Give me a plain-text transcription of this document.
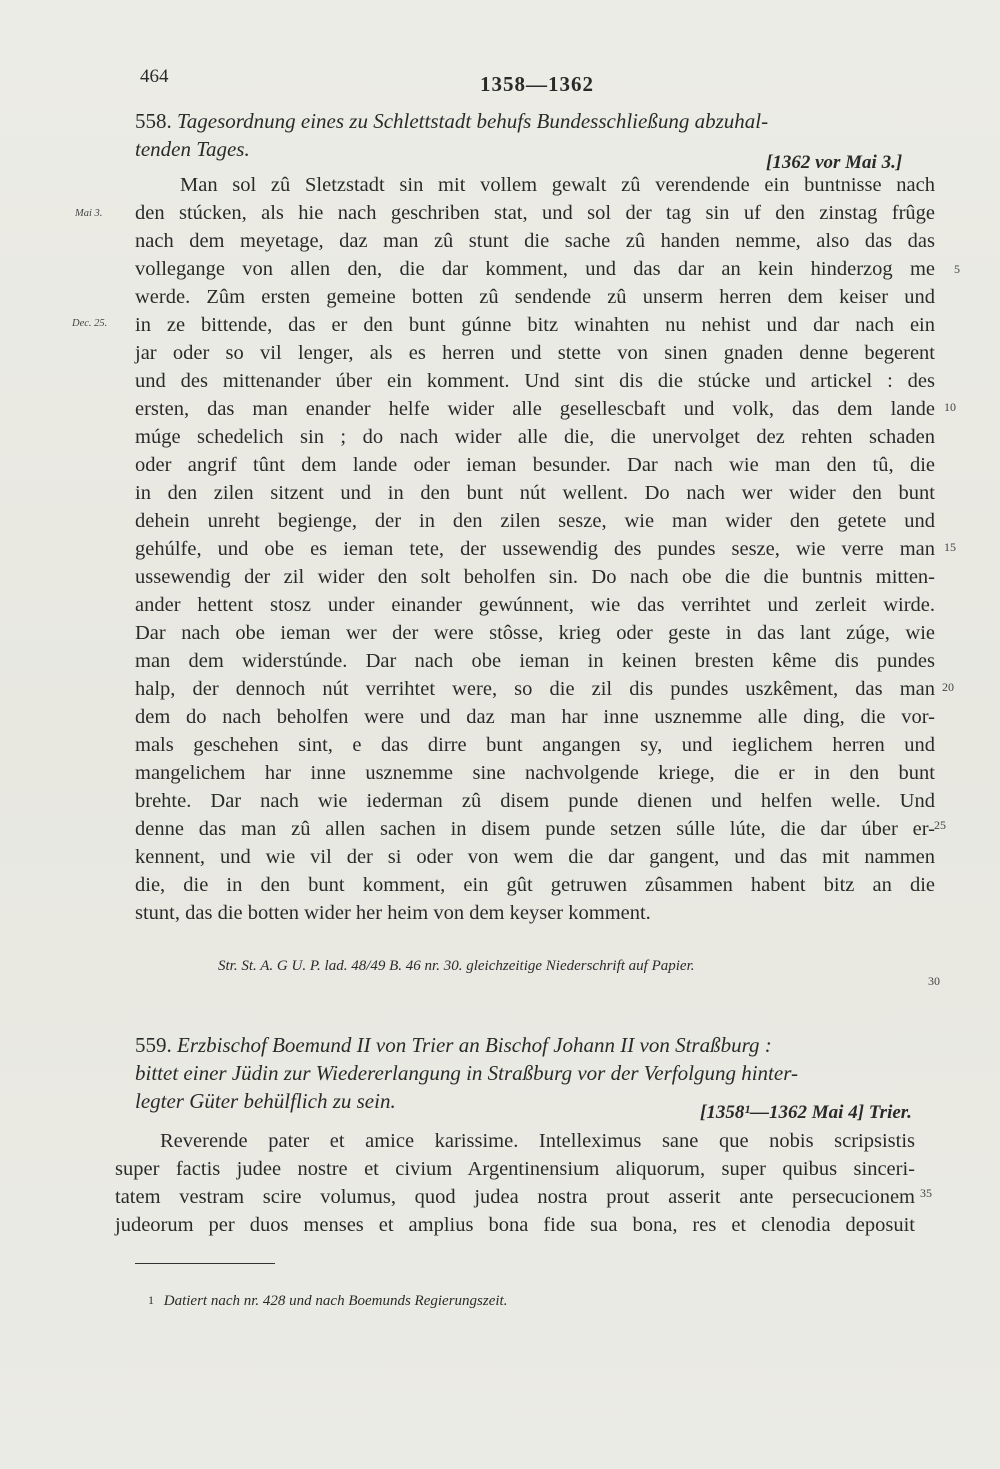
464	1358—1362
558. Tagesordnung eines zu Schlettstadt behufs Bundesschließung abzuhal-
tenden Tages.
[1362 vor Mai 3.]
Man sol zû Sletzstadt sin mit vollem gewalt zû verendende ein buntnisse nach
den stúcken, als hie nach geschriben stat, und sol der tag sin uf den zinstag frûge
nach dem meyetage, daz man zû stunt die sache zû handen nemme, also das das
vollegange von allen den, die dar komment, und das dar an kein hinderzog me
werde. Zûm ersten gemeine botten zû sendende zû unserm herren dem keiser und
in ze bittende, das er den bunt gúnne bitz winahten nu nehist und dar nach ein
jar oder so vil lenger, als es herren und stette von sinen gnaden denne begerent
und des mittenander úber ein komment. Und sint dis die stúcke und artickel : des
ersten, das man enander helfe wider alle gesellescbaft und volk, das dem lande
múge schedelich sin ; do nach wider alle die, die unervolget dez rehten schaden
oder angrif tûnt dem lande oder ieman besunder. Dar nach wie man den tû, die
in den zilen sitzent und in den bunt nút wellent. Do nach wer wider den bunt
dehein unreht begienge, der in den zilen sesze, wie man wider den getete und
gehúlfe, und obe es ieman tete, der ussewendig des pundes sesze, wie verre man
ussewendig der zil wider den solt beholfen sin. Do nach obe die die buntnis mitten-
ander hettent stosz under einander gewúnnent, wie das verrihtet und zerleit wirde.
Dar nach obe ieman wer der were stôsse, krieg oder geste in das lant zúge, wie
man dem widerstúnde. Dar nach obe ieman in keinen bresten kême dis pundes
halp, der dennoch nút verrihtet were, so die zil dis pundes uszkêment, das man
dem do nach beholfen were und daz man har inne usznemme alle ding, die vor-
mals geschehen sint, e das dirre bunt angangen sy, und ieglichem herren und
mangelichem har inne usznemme sine nachvolgende kriege, die er in den bunt
brehte. Dar nach wie iederman zû disem punde dienen und helfen welle. Und
denne das man zû allen sachen in disem punde setzen súlle lúte, die dar úber er-
kennent, und wie vil der si oder von wem die dar gangent, und das mit nammen
die, die in den bunt komment, ein gût getruwen zûsammen habent bitz an die
stunt, das die botten wider her heim von dem keyser komment.
Mai 3.
Dec. 25.
5
10
15
20
25
30
35
Str. St. A. G U. P. lad. 48/49 B. 46 nr. 30. gleichzeitige Niederschrift auf Papier.
559. Erzbischof Boemund II von Trier an Bischof Johann II von Straßburg :
bittet einer Jüdin zur Wiedererlangung in Straßburg vor der Verfolgung hinter-
legter Güter behülflich zu sein.	[1358¹—1362 Mai 4] Trier.
Reverende pater et amice karissime. Intelleximus sane que nobis scripsistis
super factis judee nostre et civium Argentinensium aliquorum, super quibus sinceri-
tatem vestram scire volumus, quod judea nostra prout asserit ante persecucionem
judeorum per duos menses et amplius bona fide sua bona, res et clenodia deposuit
$^1$ Datiert nach nr. 428 und nach Boemunds Regierungszeit.
